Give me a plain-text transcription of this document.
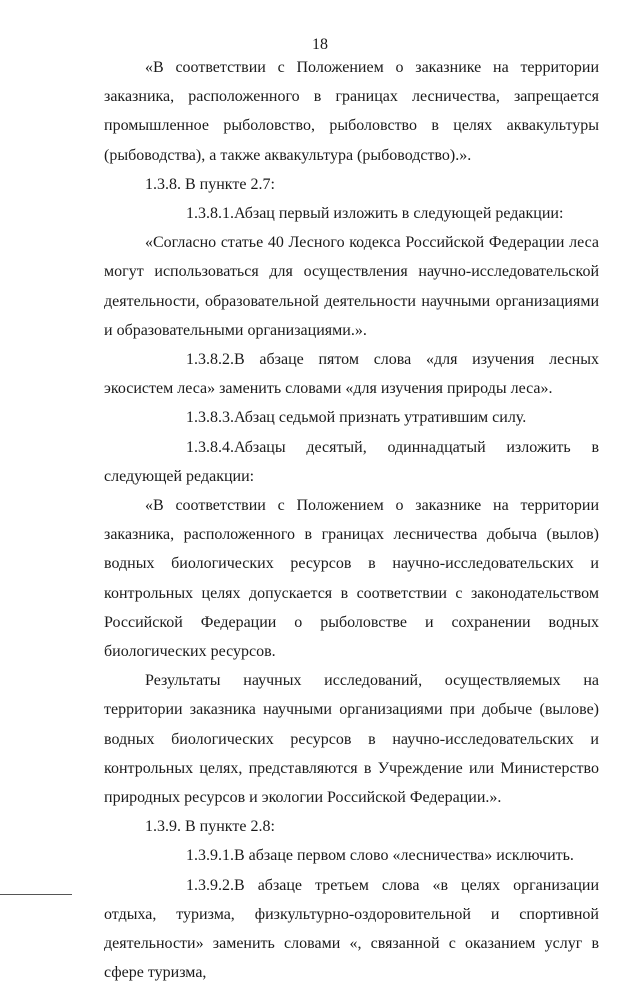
18

«В соответствии с Положением о заказнике на территории заказника, расположенного в границах лесничества, запрещается промышленное рыболовство, рыболовство в целях аквакультуры (рыбоводства), а также аквакультура (рыбоводство).».

1.3.8. В пункте 2.7:

1.3.8.1.Абзац первый изложить в следующей редакции:

«Согласно статье 40 Лесного кодекса Российской Федерации леса могут использоваться для осуществления научно-исследовательской деятельности, образовательной деятельности научными организациями и образовательными организациями.».

1.3.8.2.В абзаце пятом слова «для изучения лесных экосистем леса» заменить словами «для изучения природы леса».

1.3.8.3.Абзац седьмой признать утратившим силу.

1.3.8.4.Абзацы десятый, одиннадцатый изложить в следующей редакции:

«В соответствии с Положением о заказнике на территории заказника, расположенного в границах лесничества добыча (вылов) водных биологических ресурсов в научно-исследовательских и контрольных целях допускается в соответствии с законодательством Российской Федерации о рыболовстве и сохранении водных биологических ресурсов.

Результаты научных исследований, осуществляемых на территории заказника научными организациями при добыче (вылове) водных биологических ресурсов в научно-исследовательских и контрольных целях, представляются в Учреждение или Министерство природных ресурсов и экологии Российской Федерации.».

1.3.9. В пункте 2.8:

1.3.9.1.В абзаце первом слово «лесничества» исключить.

1.3.9.2.В абзаце третьем слова «в целях организации отдыха, туризма, физкультурно-оздоровительной и спортивной деятельности» заменить словами «, связанной с оказанием услуг в сфере туризма,
